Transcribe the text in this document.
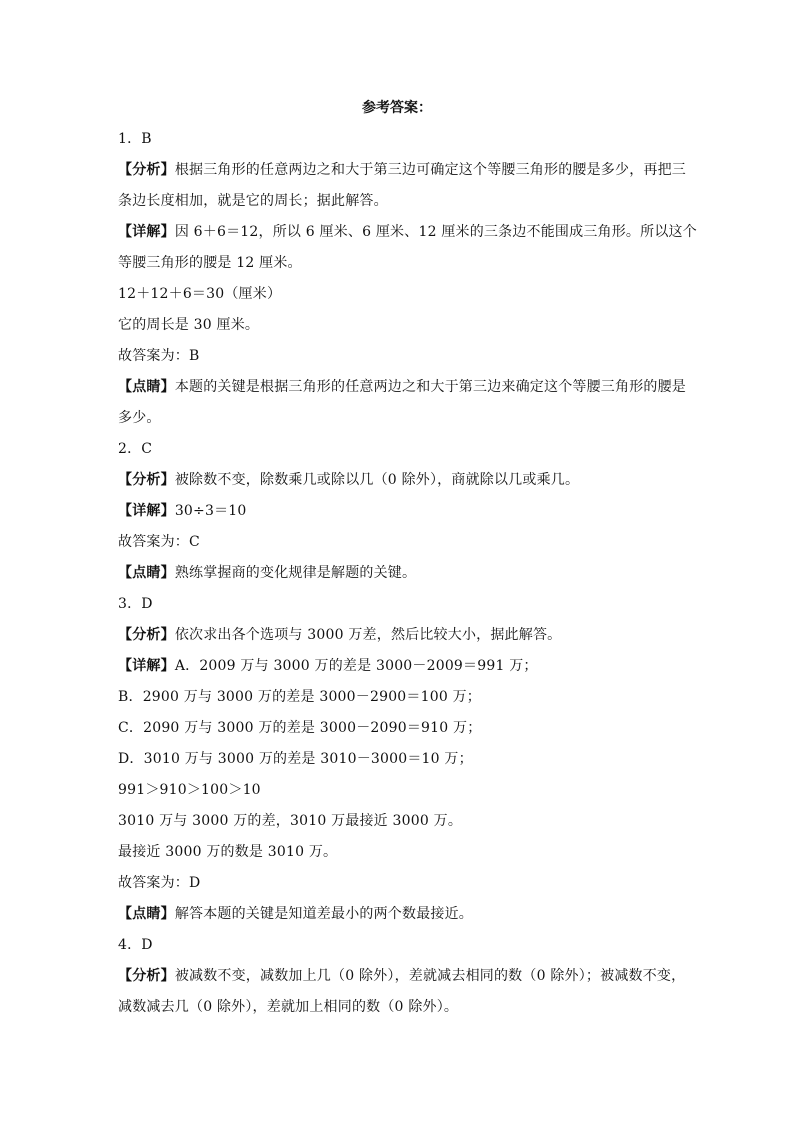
参考答案：
1．B
【分析】根据三角形的任意两边之和大于第三边可确定这个等腰三角形的腰是多少，再把三
条边长度相加，就是它的周长；据此解答。
【详解】因 6＋6＝12，所以 6 厘米、6 厘米、12 厘米的三条边不能围成三角形。所以这个
等腰三角形的腰是 12 厘米。
12＋12＋6＝30（厘米）
它的周长是 30 厘米。
故答案为：B
【点睛】本题的关键是根据三角形的任意两边之和大于第三边来确定这个等腰三角形的腰是
多少。
2．C
【分析】被除数不变，除数乘几或除以几（0 除外），商就除以几或乘几。
【详解】30÷3＝10
故答案为：C
【点睛】熟练掌握商的变化规律是解题的关键。
3．D
【分析】依次求出各个选项与 3000 万差，然后比较大小，据此解答。
【详解】A．2009 万与 3000 万的差是 3000－2009＝991 万；
B．2900 万与 3000 万的差是 3000－2900＝100 万；
C．2090 万与 3000 万的差是 3000－2090＝910 万；
D．3010 万与 3000 万的差是 3010－3000＝10 万；
991＞910＞100＞10
3010 万与 3000 万的差，3010 万最接近 3000 万。
最接近 3000 万的数是 3010 万。
故答案为：D
【点睛】解答本题的关键是知道差最小的两个数最接近。
4．D
【分析】被减数不变，减数加上几（0 除外），差就减去相同的数（0 除外）；被减数不变，
减数减去几（0 除外），差就加上相同的数（0 除外）。
